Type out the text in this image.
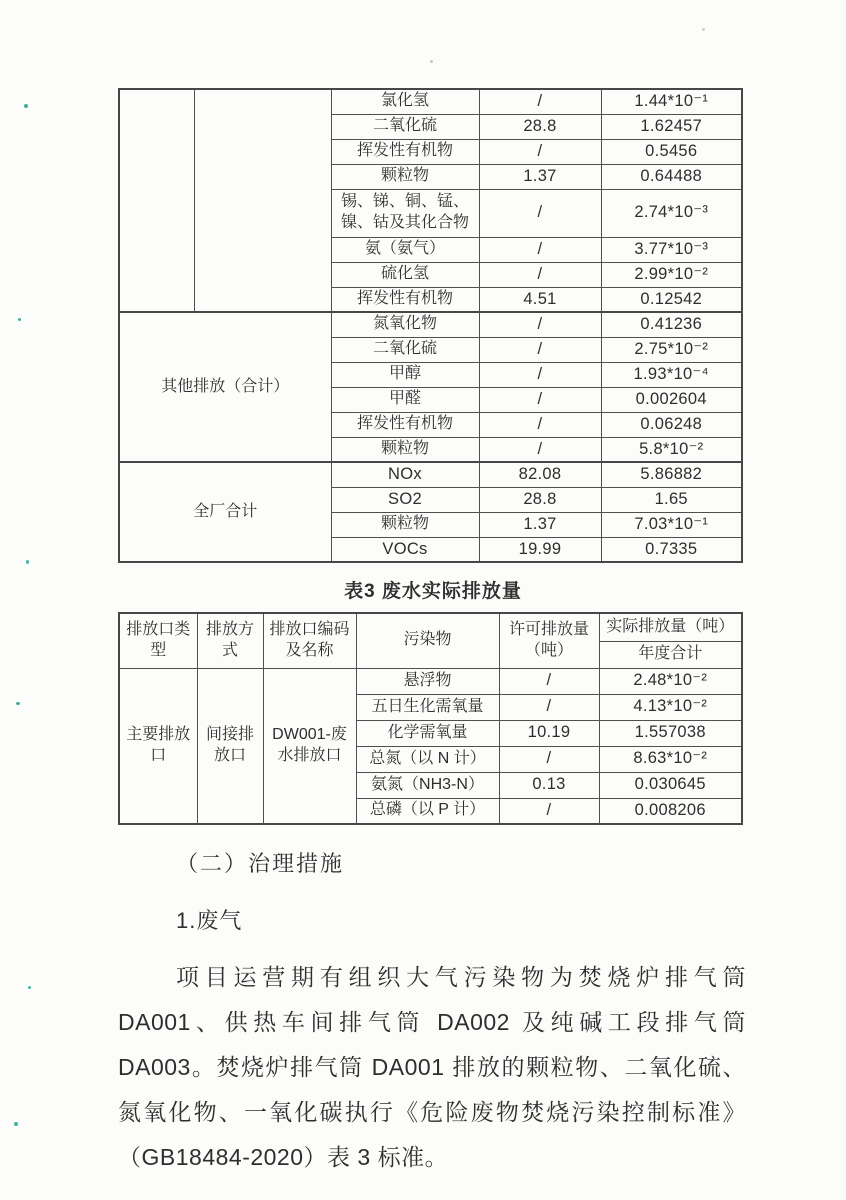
		氯化氢	/	1.44*10⁻¹
		二氧化硫	28.8	1.62457
		挥发性有机物	/	0.5456
		颗粒物	1.37	0.64488
		锡、锑、铜、锰、镍、钴及其化合物	/	2.74*10⁻³
		氨（氨气）	/	3.77*10⁻³
		硫化氢	/	2.99*10⁻²
		挥发性有机物	4.51	0.12542
其他排放（合计）		氮氧化物	/	0.41236
		二氧化硫	/	2.75*10⁻²
		甲醇	/	1.93*10⁻⁴
		甲醛	/	0.002604
		挥发性有机物	/	0.06248
		颗粒物	/	5.8*10⁻²
全厂合计		NOx	82.08	5.86882
		SO2	28.8	1.65
		颗粒物	1.37	7.03*10⁻¹
		VOCs	19.99	0.7335
表3 废水实际排放量
排放口类型	排放方式	排放口编码及名称	污染物	许可排放量（吨）	实际排放量（吨）
					年度合计
主要排放口	间接排放口	DW001-废水排放口	悬浮物	/	2.48*10⁻²
			五日生化需氧量	/	4.13*10⁻²
			化学需氧量	10.19	1.557038
			总氮（以 N 计）	/	8.63*10⁻²
			氨氮（NH3-N）	0.13	0.030645
			总磷（以 P 计）	/	0.008206
（二）治理措施
1.废气
项目运营期有组织大气污染物为焚烧炉排气筒 DA001、供热车间排气筒 DA002 及纯碱工段排气筒 DA003。焚烧炉排气筒 DA001 排放的颗粒物、二氧化硫、氮氧化物、一氧化碳执行《危险废物焚烧污染控制标准》（GB18484-2020）表 3 标准。
